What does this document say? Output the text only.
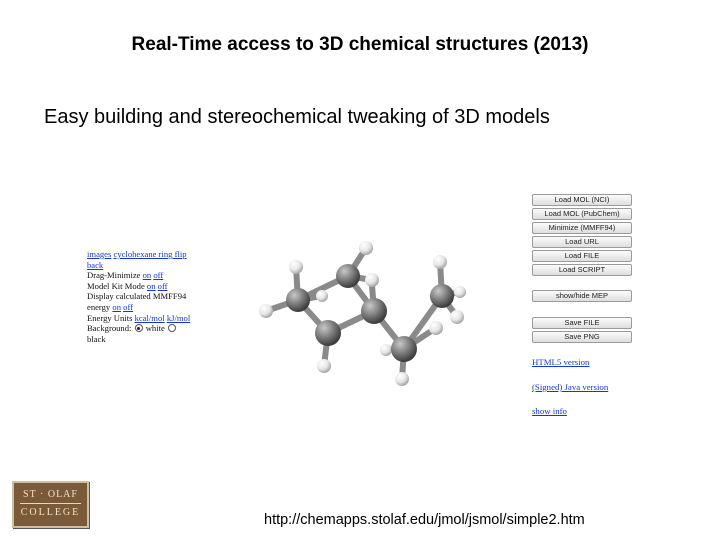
Real-Time access to 3D chemical structures (2013)
Easy building and stereochemical tweaking of 3D models
images cyclohexane ring flip
back
Drag-Minimize on off
Model Kit Mode on off
Display calculated MMFF94
energy on off
Energy Units kcal/mol kJ/mol
Background: white
black
Load MOL (NCI)
Load MOL (PubChem)
Minimize (MMFF94)
Load URL
Load FILE
Load SCRIPT
show/hide MEP
Save FILE
Save PNG
HTML5 version
(Signed) Java version
show info
ST · OLAF
COLLEGE	http://chemapps.stolaf.edu/jmol/jsmol/simple2.htm
